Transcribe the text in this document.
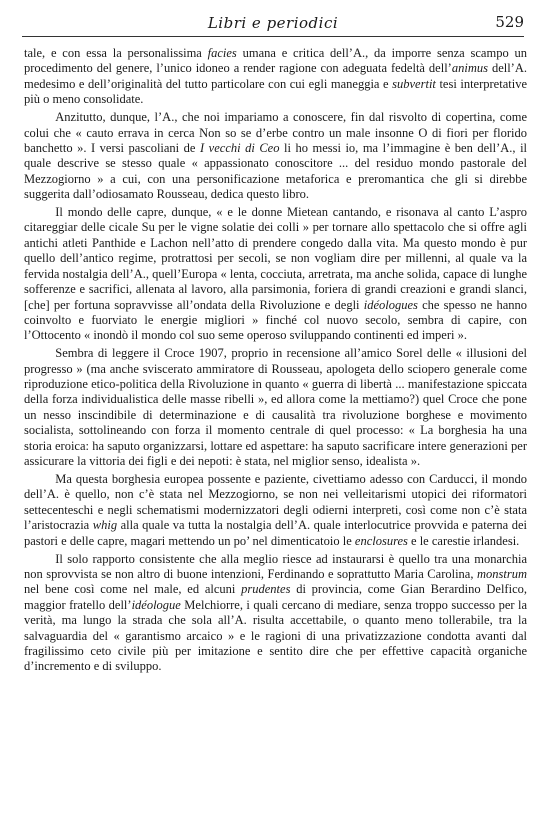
Libri e periodici	529

tale, e con essa la personalissima facies umana e critica dell’A., da imporre senza scampo un procedimento del genere, l’unico idoneo a render ragione con adeguata fedeltà dell’animus dell’A. medesimo e dell’originalità del tutto particolare con cui egli maneggia e subvertit tesi interpretative più o meno consolidate.

Anzitutto, dunque, l’A., che noi impariamo a conoscere, fin dal risvolto di copertina, come colui che « cauto errava in cerca Non so se d’erbe contro un male insonne O di fiori per florido banchetto ». I versi pascoliani de I vecchi di Ceo li ho messi io, ma l’immagine è ben dell’A., il quale descrive se stesso quale « appassionato conoscitore ... del residuo mondo pastorale del Mezzogiorno » a cui, con una personificazione metaforica e preromantica che gli si direbbe suggerita dall’odiosamato Rousseau, dedica questo libro.

Il mondo delle capre, dunque, « e le donne Mietean cantando, e risonava al canto L’aspro citareggiar delle cicale Su per le vigne solatie dei colli » per tornare allo spettacolo che si offre agli antichi atleti Panthide e Lachon nell’atto di prendere congedo dalla vita. Ma questo mondo è pur quello dell’antico regime, protrattosi per secoli, se non vogliam dire per millenni, al quale va la fervida nostalgia dell’A., quell’Europa « lenta, cocciuta, arretrata, ma anche solida, capace di lunghe sofferenze e sacrifici, allenata al lavoro, alla parsimonia, foriera di grandi creazioni e grandi slanci, [che] per fortuna sopravvisse all’ondata della Rivoluzione e degli idéologues che spesso ne hanno coinvolto e fuorviato le energie migliori » finché col nuovo secolo, sembra di capire, con l’Ottocento « inondò il mondo col suo seme operoso sviluppando continenti ed imperi ».

Sembra di leggere il Croce 1907, proprio in recensione all’amico Sorel delle « illusioni del progresso » (ma anche sviscerato ammiratore di Rousseau, apologeta dello sciopero generale come riproduzione etico-politica della Rivoluzione in quanto « guerra di libertà ... manifestazione spiccata della forza individualistica delle masse ribelli », ed allora come la mettiamo?) quel Croce che pone un nesso inscindibile di determinazione e di causalità tra rivoluzione borghese e movimento socialista, sottolineando con forza il momento centrale di quel processo: « La borghesia ha una storia eroica: ha saputo organizzarsi, lottare ed aspettare: ha saputo sacrificare intere generazioni per assicurare la vittoria dei figli e dei nepoti: è stata, nel miglior senso, idealista ».

Ma questa borghesia europea possente e paziente, civettiamo adesso con Carducci, il mondo dell’A. è quello, non c’è stata nel Mezzogiorno, se non nei velleitarismi utopici dei riformatori settecenteschi e negli schematismi modernizzatori degli odierni interpreti, così come non c’è stata l’aristocrazia whig alla quale va tutta la nostalgia dell’A. quale interlocutrice provvida e paterna dei pastori e delle capre, magari mettendo un po’ nel dimenticatoio le enclosures e le carestie irlandesi.

Il solo rapporto consistente che alla meglio riesce ad instaurarsi è quello tra una monarchia non sprovvista se non altro di buone intenzioni, Ferdinando e soprattutto Maria Carolina, monstrum nel bene così come nel male, ed alcuni prudentes di provincia, come Gian Berardino Delfico, maggior fratello dell’idéologue Melchiorre, i quali cercano di mediare, senza troppo successo per la verità, ma lungo la strada che sola all’A. risulta accettabile, o quanto meno tollerabile, tra la salvaguardia del « garantismo arcaico » e le ragioni di una privatizzazione condotta avanti dal fragilissimo ceto civile più per imitazione e sentito dire che per effettive capacità organiche d’incremento e di sviluppo.
